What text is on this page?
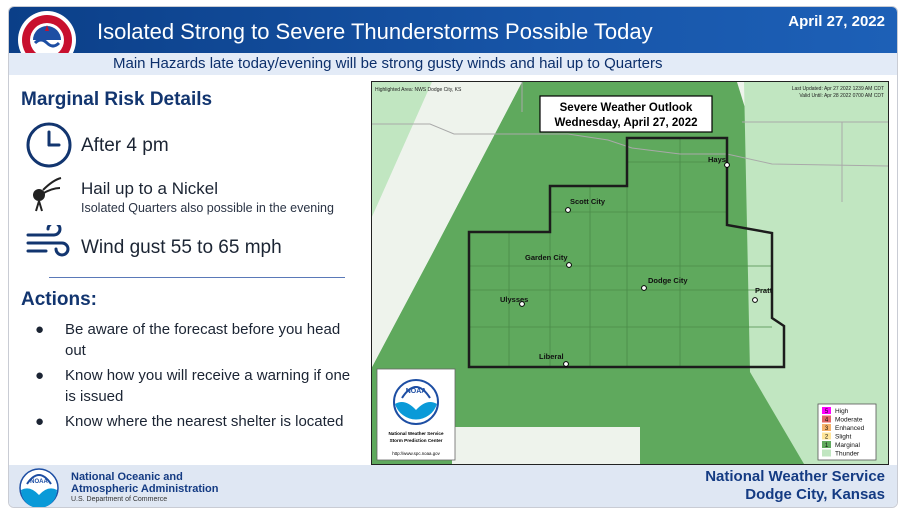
Isolated Strong to Severe Thunderstorms Possible Today	April 27, 2022
Main Hazards late today/evening will be strong gusty winds and hail up to Quarters
Marginal Risk Details
After 4 pm
Hail up to a Nickel
Isolated Quarters also possible in the evening
Wind gust 55 to 65 mph
Actions:
● Be aware of the forecast before you head out
● Know how you will receive a warning if one is issued
● Know where the nearest shelter is located
Hays
Scott City
Garden City
Dodge City
Pratt
Ulysses
Liberal
Severe Weather Outlook
Wednesday, April 27, 2022
Highlighted Area: NWS Dodge City, KS	Last Updated: Apr 27 2022 1239 AM CDT
Valid Until: Apr 28 2022 0700 AM CDT
NOAA
National Weather Service
Storm Prediction Center
http://www.spc.noaa.gov
5 High
4 Moderate
3 Enhanced
2 Slight
1 Marginal
Thunder
NOAA National Oceanic and
Atmospheric Administration
U.S. Department of Commerce
National Weather Service
Dodge City, Kansas
